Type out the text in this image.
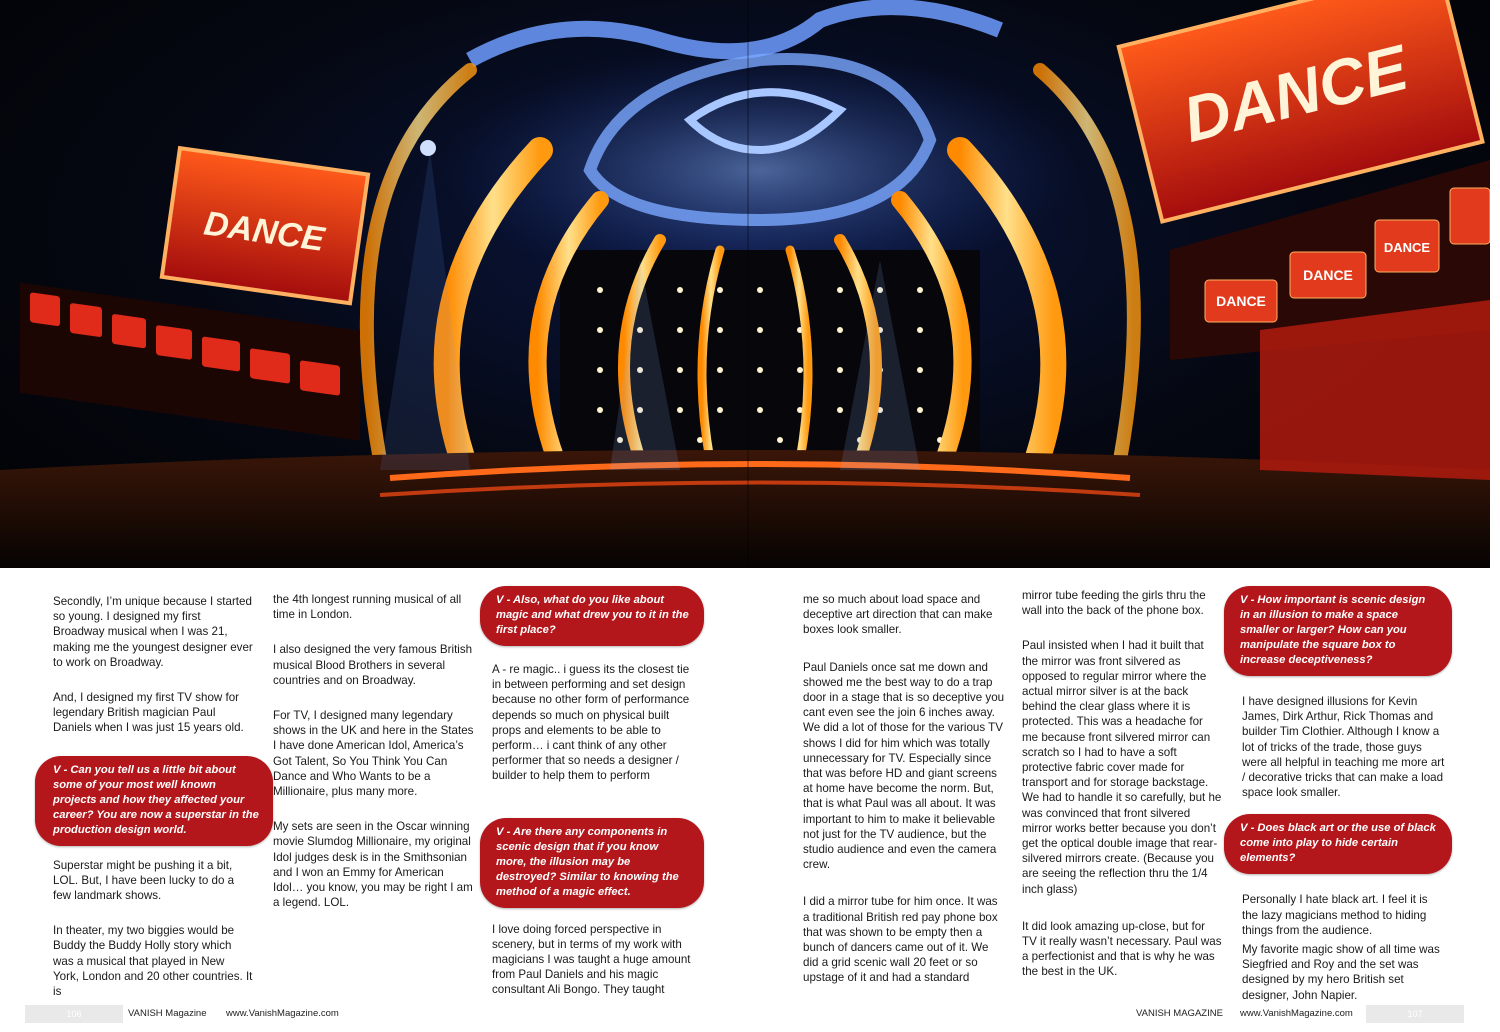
DANCE
DANCE
DANCE
DANCE
DANCE

Secondly, I’m unique because I started so young. I designed my first Broadway musical when I was 21, making me the youngest designer ever to work on Broadway.

And, I designed my first TV show for legendary British magician Paul Daniels when I was just 15 years old.

V - Can you tell us a little bit about some of your most well known projects and how they affected your career? You are now a superstar in the production design world.

Superstar might be pushing it a bit, LOL. But, I have been lucky to do a few landmark shows.

In theater, my two biggies would be Buddy the Buddy Holly story which was a musical that played in New York, London and 20 other countries. It is

the 4th longest running musical of all time in London.

I also designed the very famous British musical Blood Brothers in several countries and on Broadway.

For TV, I designed many legendary shows in the UK and here in the States I have done American Idol, America’s Got Talent, So You Think You Can Dance and Who Wants to be a Millionaire, plus many more.

My sets are seen in the Oscar winning movie Slumdog Millionaire, my original Idol judges desk is in the Smithsonian and I won an Emmy for American Idol… you know, you may be right I am a legend. LOL.

V - Also, what do you like about magic and what drew you to it in the first place?

A - re magic.. i guess its the closest tie in between performing and set design because no other form of performance depends so much on physical built props and elements to be able to perform… i cant think of any other performer that so needs a designer / builder to help them to perform

V - Are there any components in scenic design that if you know more, the illusion may be destroyed? Similar to knowing the method of a magic effect.

I love doing forced perspective in scenery, but in terms of my work with magicians I was taught a huge amount from Paul Daniels and his magic consultant Ali Bongo. They taught

me so much about load space and deceptive art direction that can make boxes look smaller.

Paul Daniels once sat me down and showed me the best way to do a trap door in a stage that is so deceptive you cant even see the join 6 inches away. We did a lot of those for the various TV shows I did for him which was totally unnecessary for TV. Especially since that was before HD and giant screens at home have become the norm. But, that is what Paul was all about. It was important to him to make it believable not just for the TV audience, but the studio audience and even the camera crew.

I did a mirror tube for him once. It was a traditional British red pay phone box that was shown to be empty then a bunch of dancers came out of it. We did a grid scenic wall 20 feet or so upstage of it and had a standard

mirror tube feeding the girls thru the wall into the back of the phone box.

Paul insisted when I had it built that the mirror was front silvered as opposed to regular mirror where the actual mirror silver is at the back behind the clear glass where it is protected. This was a headache for me because front silvered mirror can scratch so I had to have a soft protective fabric cover made for transport and for storage backstage. We had to handle it so carefully, but he was convinced that front silvered mirror works better because you don’t get the optical double image that rear-silvered mirrors create. (Because you are seeing the reflection thru the 1/4 inch glass)

It did look amazing up-close, but for TV it really wasn’t necessary. Paul was a perfectionist and that is why he was the best in the UK.

V - How important is scenic design in an illusion to make a space smaller or larger? How can you manipulate the square box to increase deceptiveness?

I have designed illusions for Kevin James, Dirk Arthur, Rick Thomas and builder Tim Clothier. Although I know a lot of tricks of the trade, those guys were all helpful in teaching me more art / decorative tricks that can make a load space look smaller.

V - Does black art or the use of black come into play to hide certain elements?

Personally I hate black art. I feel it is the lazy magicians method to hiding things from the audience.

My favorite magic show of all time was Siegfried and Roy and the set was designed by my hero British set designer, John Napier.

106	VANISH Magazine www.VanishMagazine.com	VANISH MAGAZINE www.VanishMagazine.com	107
